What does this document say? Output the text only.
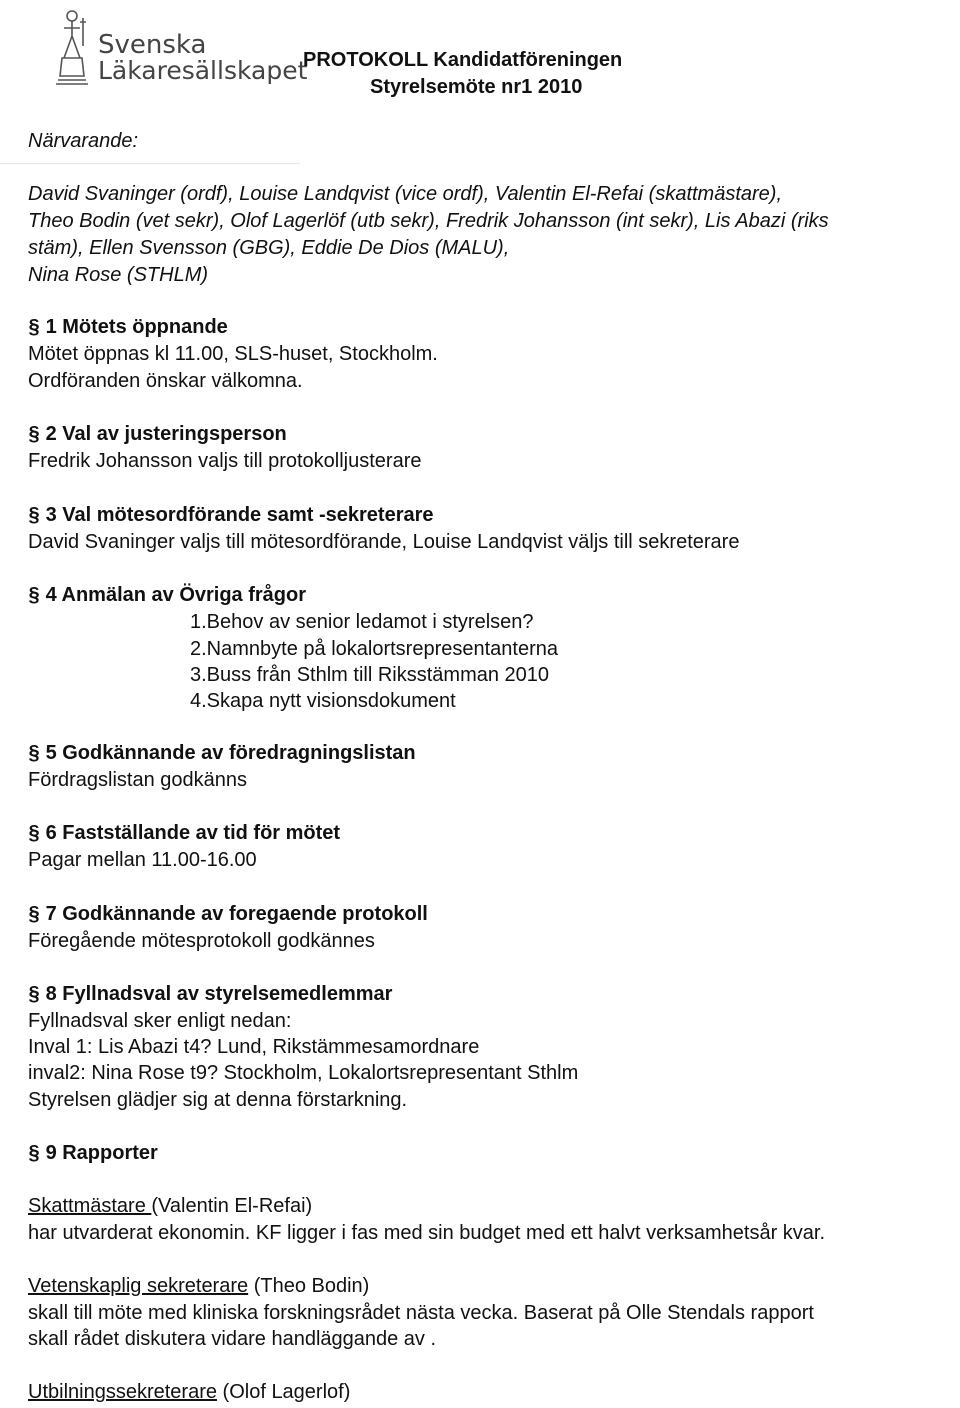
Svenska
Läkaresällskapet
PROTOKOLL Kandidatföreningen
Styrelsemöte nr1 2010
Närvarande:
David Svaninger (ordf), Louise Landqvist (vice ordf), Valentin El-Refai (skattmästare),
Theo Bodin (vet sekr), Olof Lagerlöf (utb sekr), Fredrik Johansson (int sekr), Lis Abazi (riks
stäm), Ellen Svensson (GBG), Eddie De Dios (MALU),
Nina Rose (STHLM)
§ 1 Mötets öppnande
Mötet öppnas kl 11.00, SLS-huset, Stockholm.
Ordföranden önskar välkomna.
§ 2 Val av justeringsperson
Fredrik Johansson valjs till protokolljusterare
§ 3 Val mötesordförande samt -sekreterare
David Svaninger valjs till mötesordförande, Louise Landqvist väljs till sekreterare
§ 4 Anmälan av Övriga frågor
1.Behov av senior ledamot i styrelsen?
2.Namnbyte på lokalortsrepresentanterna
3.Buss från Sthlm till Riksstämman 2010
4.Skapa nytt visionsdokument
§ 5 Godkännande av föredragningslistan
Fördragslistan godkänns
§ 6 Fastställande av tid för mötet
Pagar mellan 11.00-16.00
§ 7 Godkännande av foregaende protokoll
Föregående mötesprotokoll godkännes
§ 8 Fyllnadsval av styrelsemedlemmar
Fyllnadsval sker enligt nedan:
Inval 1: Lis Abazi t4? Lund, Rikstämmesamordnare
inval2: Nina Rose t9? Stockholm, Lokalortsrepresentant Sthlm
Styrelsen glädjer sig at denna förstarkning.
§ 9 Rapporter
Skattmästare (Valentin El-Refai)
har utvarderat ekonomin. KF ligger i fas med sin budget med ett halvt verksamhetsår kvar.
Vetenskaplig sekreterare (Theo Bodin)
skall till möte med kliniska forskningsrådet nästa vecka. Baserat på Olle Stendals rapport
skall rådet diskutera vidare handläggande av .
Utbilningssekreterare (Olof Lagerlof)
